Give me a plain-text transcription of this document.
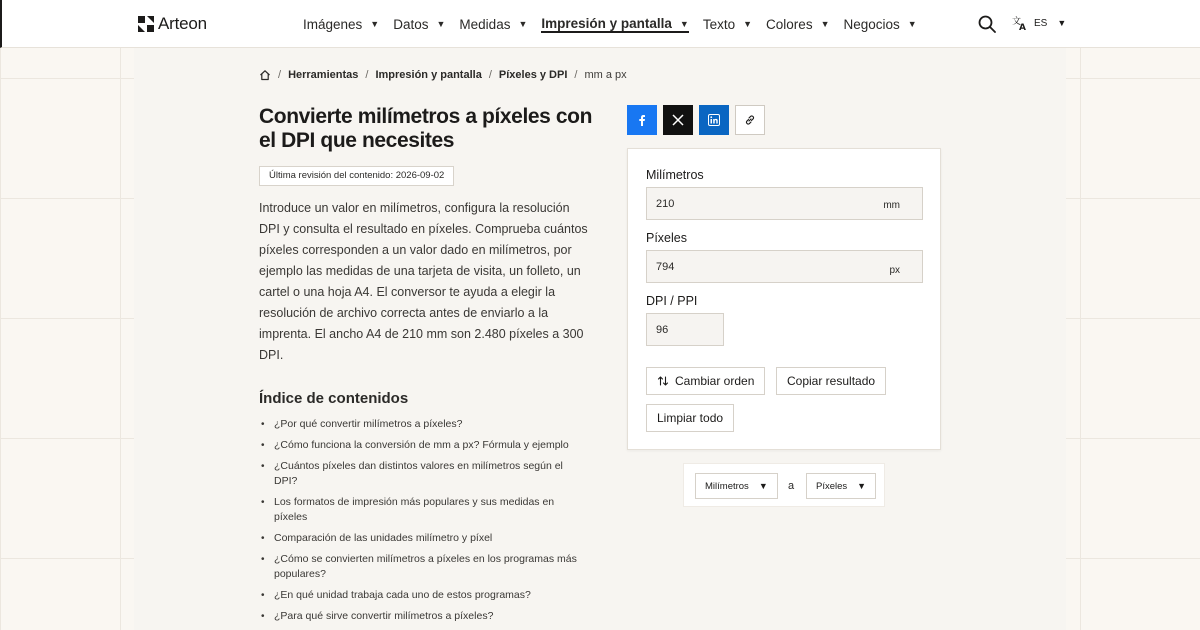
Arteon	Imágenes ▼ Datos ▼ Medidas ▼ Impresión y pantalla ▼ Texto ▼ Colores ▼ Negocios ▼	文
A ES ▼
/ Herramientas / Impresión y pantalla / Píxeles y DPI / mm a px
Convierte milímetros a píxeles con el DPI que necesites
Última revisión del contenido: 2026-09-02

Introduce un valor en milímetros, configura la resolución DPI y consulta el resultado en píxeles. Comprueba cuántos píxeles corresponden a un valor dado en milímetros, por ejemplo las medidas de una tarjeta de visita, un folleto, un cartel o una hoja A4. El conversor te ayuda a elegir la resolución de archivo correcta antes de enviarlo a la imprenta. El ancho A4 de 210 mm son 2.480 píxeles a 300 DPI.

Índice de contenidos
• ¿Por qué convertir milímetros a píxeles?
• ¿Cómo funciona la conversión de mm a px? Fórmula y ejemplo
• ¿Cuántos píxeles dan distintos valores en milímetros según el DPI?
• Los formatos de impresión más populares y sus medidas en píxeles
• Comparación de las unidades milímetro y píxel
• ¿Cómo se convierten milímetros a píxeles en los programas más populares?
• ¿En qué unidad trabaja cada uno de estos programas?
• ¿Para qué sirve convertir milímetros a píxeles?
Milímetros
210	mm
Píxeles
794	px
DPI / PPI
96
Cambiar orden	Copiar resultado
Limpiar todo
Milímetros ▼ a Píxeles ▼
